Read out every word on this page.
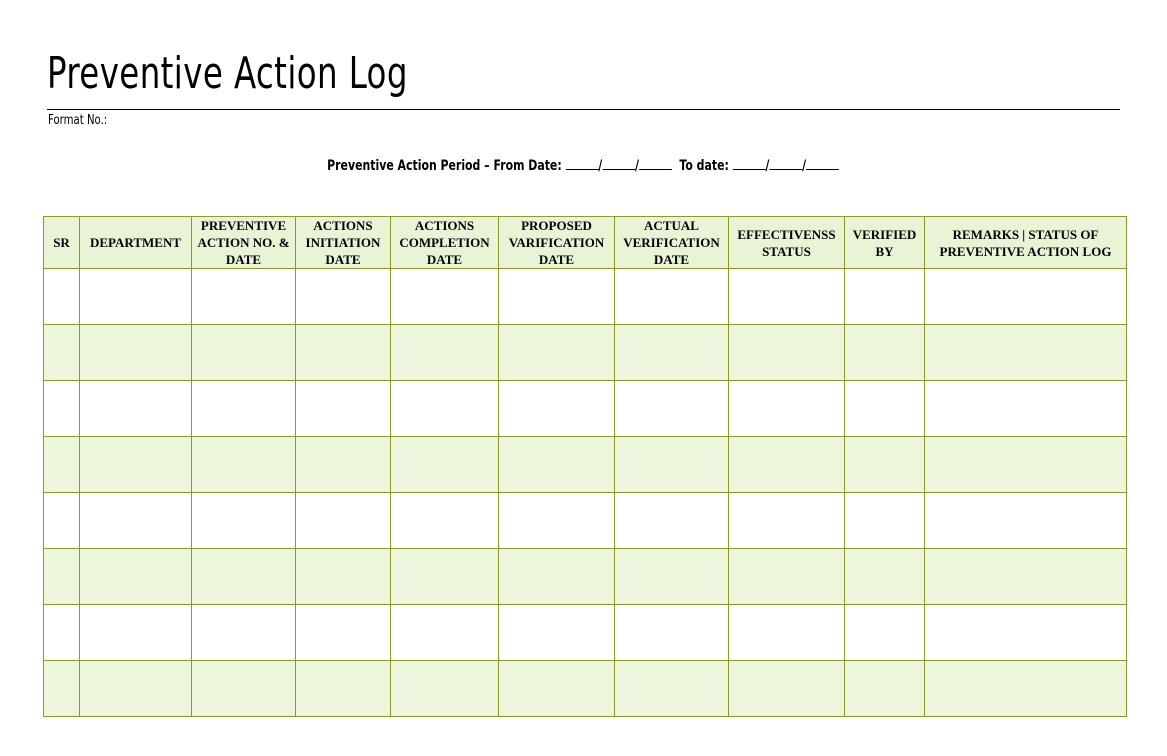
Preventive Action Log
Format No.:
Preventive Action Period – From Date:	/ /	To date:	/ /
SR	DEPARTMENT	PREVENTIVE ACTION NO. & DATE	ACTIONS INITIATION DATE	ACTIONS COMPLETION DATE	PROPOSED VARIFICATION DATE	ACTUAL VERIFICATION DATE	EFFECTIVENSS STATUS	VERIFIED BY	REMARKS | STATUS OF PREVENTIVE ACTION LOG
